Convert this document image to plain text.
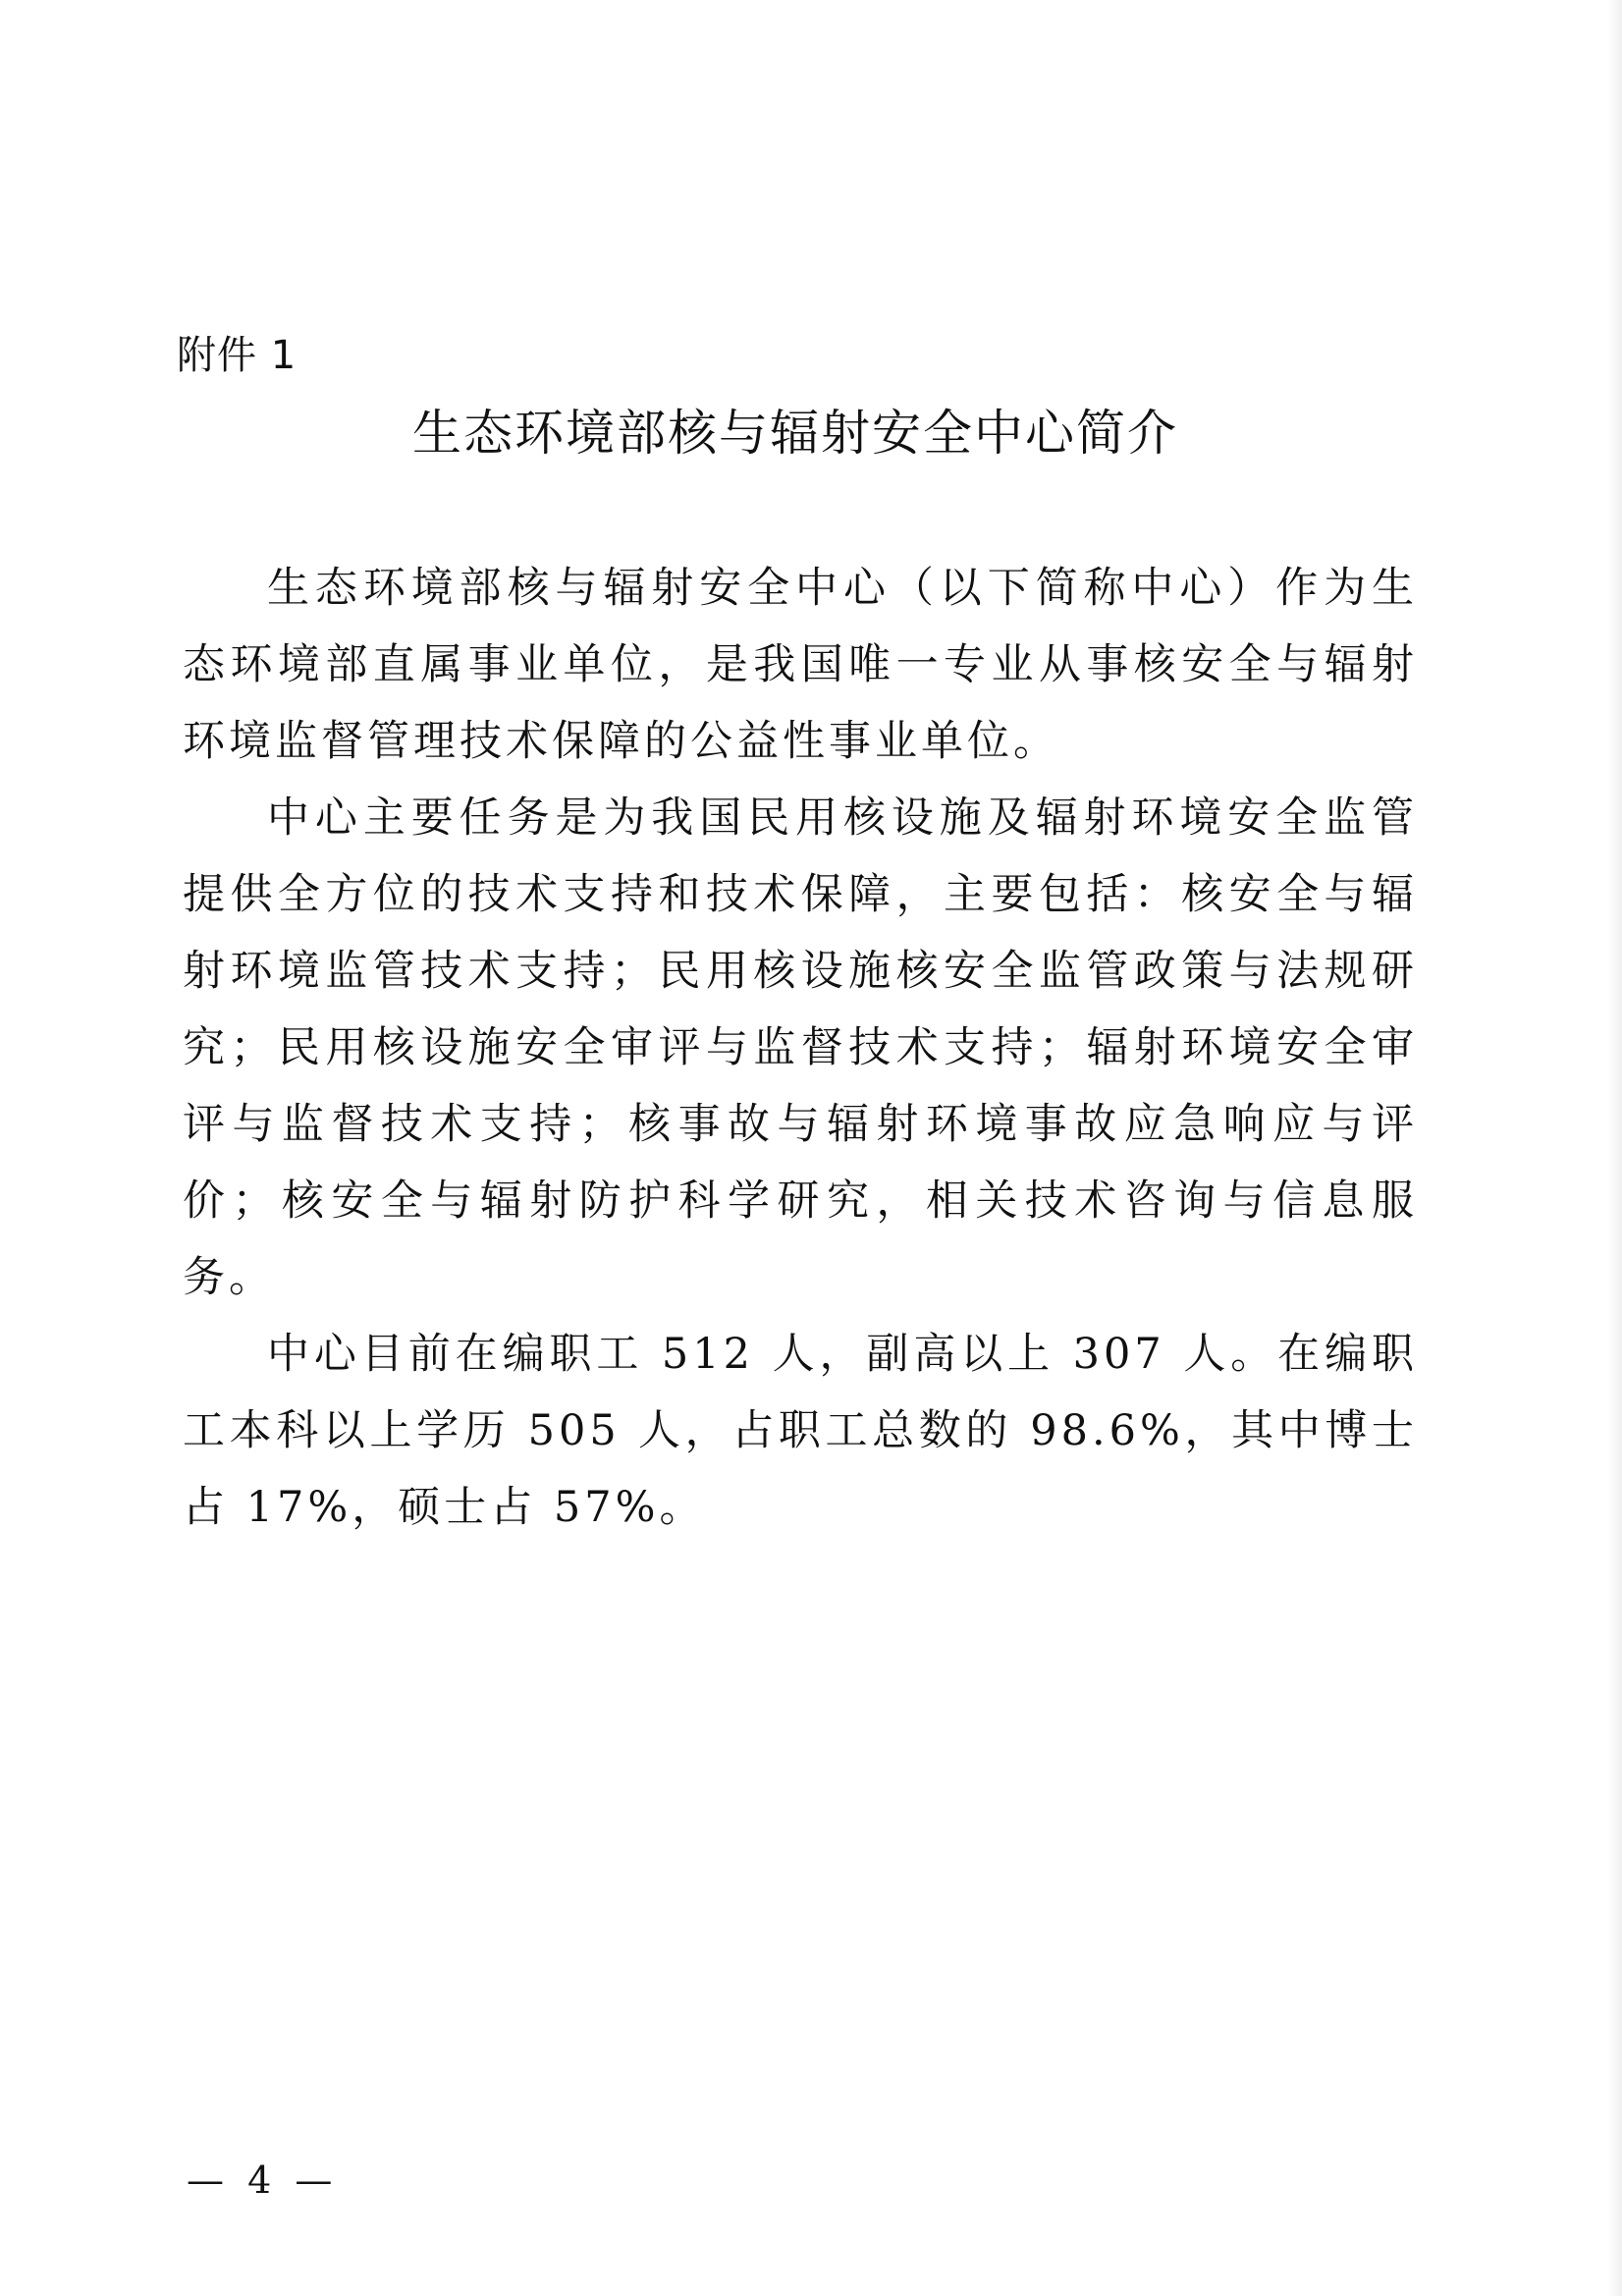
附件 1
生态环境部核与辐射安全中心简介

生态环境部核与辐射安全中心（以下简称中心）作为生态环境部直属事业单位，是我国唯一专业从事核安全与辐射环境监督管理技术保障的公益性事业单位。

中心主要任务是为我国民用核设施及辐射环境安全监管提供全方位的技术支持和技术保障，主要包括：核安全与辐射环境监管技术支持；民用核设施核安全监管政策与法规研究；民用核设施安全审评与监督技术支持；辐射环境安全审评与监督技术支持；核事故与辐射环境事故应急响应与评价；核安全与辐射防护科学研究，相关技术咨询与信息服务。

中心目前在编职工 512 人，副高以上 307 人。在编职工本科以上学历 505 人，占职工总数的 98.6%，其中博士占 17%，硕士占 57%。

— 4 —
